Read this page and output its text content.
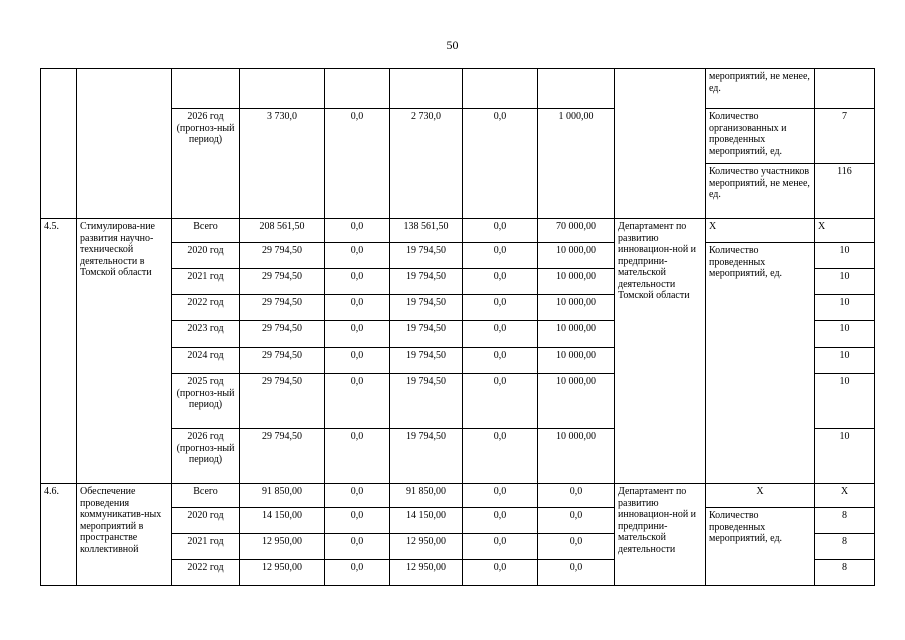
50
									мероприятий, не менее, ед.	
		2026 год (прогноз-ный период)	3 730,0	0,0	2 730,0	0,0	1 000,00		Количество организованных и проведенных мероприятий, ед.	7
									Количество участников мероприятий, не менее, ед.	116
4.5.	Стимулирова-ние развития научно-технической деятельности в Томской области	Всего	208 561,50	0,0	138 561,50	0,0	70 000,00	Департамент по развитию инновацион-ной и предприни-мательской деятельности Томской области	X	X
		2020 год	29 794,50	0,0	19 794,50	0,0	10 000,00		Количество проведенных мероприятий, ед.	10
		2021 год	29 794,50	0,0	19 794,50	0,0	10 000,00			10
		2022 год	29 794,50	0,0	19 794,50	0,0	10 000,00			10
		2023 год	29 794,50	0,0	19 794,50	0,0	10 000,00			10
		2024 год	29 794,50	0,0	19 794,50	0,0	10 000,00			10
		2025 год (прогноз-ный период)	29 794,50	0,0	19 794,50	0,0	10 000,00			10
		2026 год (прогноз-ный период)	29 794,50	0,0	19 794,50	0,0	10 000,00			10
4.6.	Обеспечение проведения коммуникатив-ных мероприятий в пространстве коллективной	Всего	91 850,00	0,0	91 850,00	0,0	0,0	Департамент по развитию инновацион-ной и предприни-мательской деятельности	X	X
		2020 год	14 150,00	0,0	14 150,00	0,0	0,0		Количество проведенных мероприятий, ед.	8
		2021 год	12 950,00	0,0	12 950,00	0,0	0,0			8
		2022 год	12 950,00	0,0	12 950,00	0,0	0,0			8
